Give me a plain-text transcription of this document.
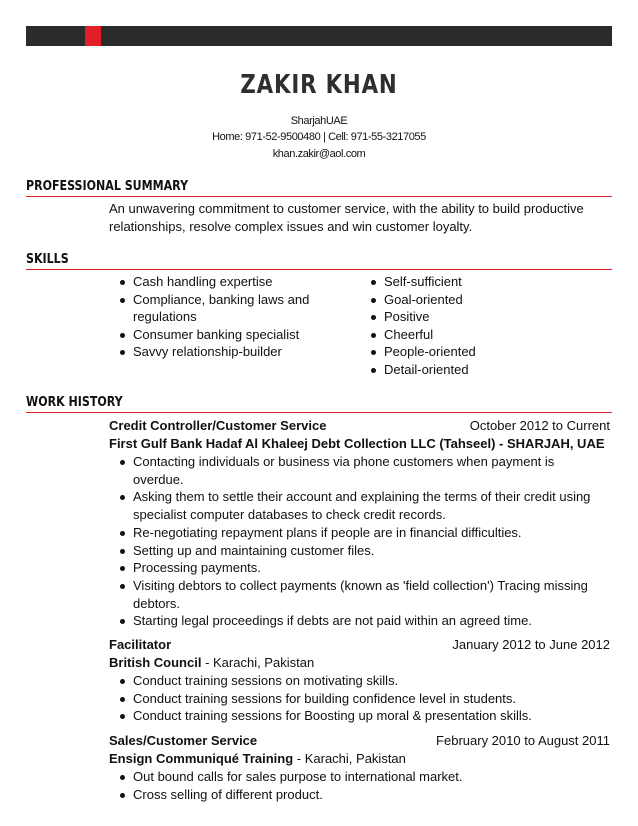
ZAKIR KHAN
SharjahUAE
Home: 971-52-9500480 | Cell: 971-55-3217055
khan.zakir@aol.com
PROFESSIONAL SUMMARY
An unwavering commitment to customer service, with the ability to build productive relationships, resolve complex issues and win customer loyalty.
SKILLS
Cash handling expertise
Compliance, banking laws and regulations
Consumer banking specialist
Savvy relationship-builder
Self-sufficient
Goal-oriented
Positive
Cheerful
People-oriented
Detail-oriented
WORK HISTORY
Credit Controller/Customer Service	October 2012 to Current
First Gulf Bank Hadaf Al Khaleej Debt Collection LLC (Tahseel) - SHARJAH, UAE
Contacting individuals or business via phone customers when payment is overdue.
Asking them to settle their account and explaining the terms of their credit using specialist computer databases to check credit records.
Re-negotiating repayment plans if people are in financial difficulties.
Setting up and maintaining customer files.
Processing payments.
Visiting debtors to collect payments (known as 'field collection') Tracing missing debtors.
Starting legal proceedings if debts are not paid within an agreed time.
Facilitator	January 2012 to June 2012
British Council - Karachi, Pakistan
Conduct training sessions on motivating skills.
Conduct training sessions for building confidence level in students.
Conduct training sessions for Boosting up moral & presentation skills.
Sales/Customer Service	February 2010 to August 2011
Ensign Communiqué Training - Karachi, Pakistan
Out bound calls for sales purpose to international market.
Cross selling of different product.
